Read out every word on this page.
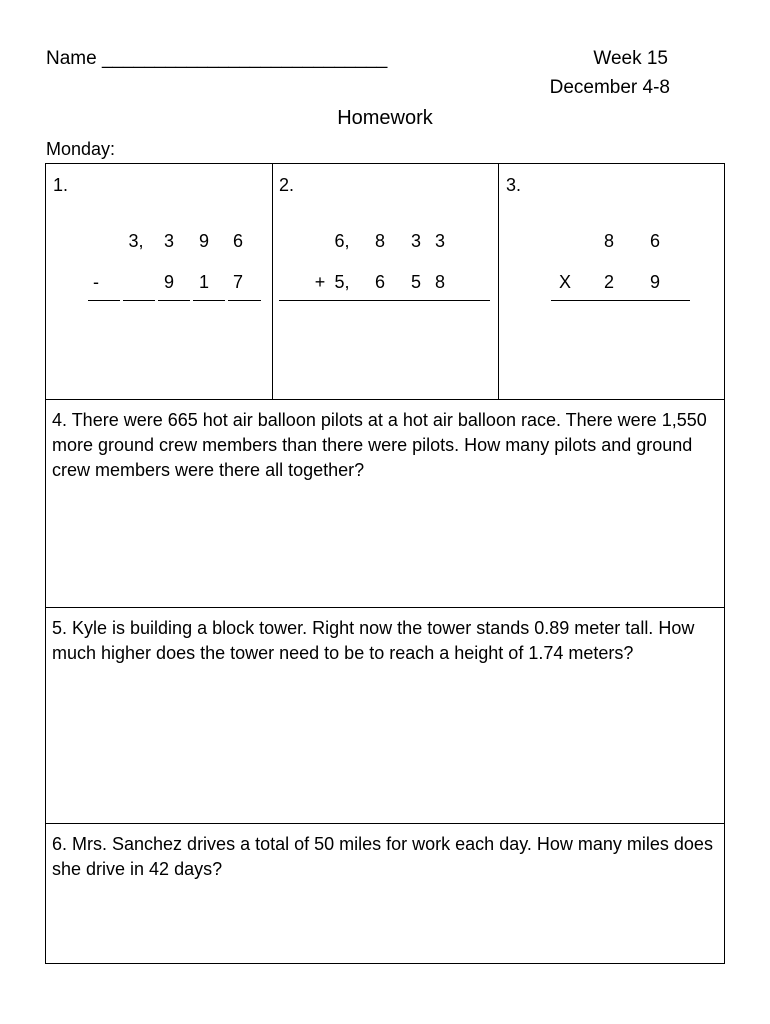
Name ___________________________	Week 15
December 4-8
Homework
Monday:
1.
3, 3 9 6
-	9 1 7
2.
6, 8 3 3
+ 5, 6 5 8
3.
8 6
X 2 9
4. There were 665 hot air balloon pilots at a hot air balloon race. There were 1,550 more ground crew members than there were pilots. How many pilots and ground crew members were there all together?
5. Kyle is building a block tower. Right now the tower stands 0.89 meter tall. How much higher does the tower need to be to reach a height of 1.74 meters?
6. Mrs. Sanchez drives a total of 50 miles for work each day. How many miles does she drive in 42 days?
